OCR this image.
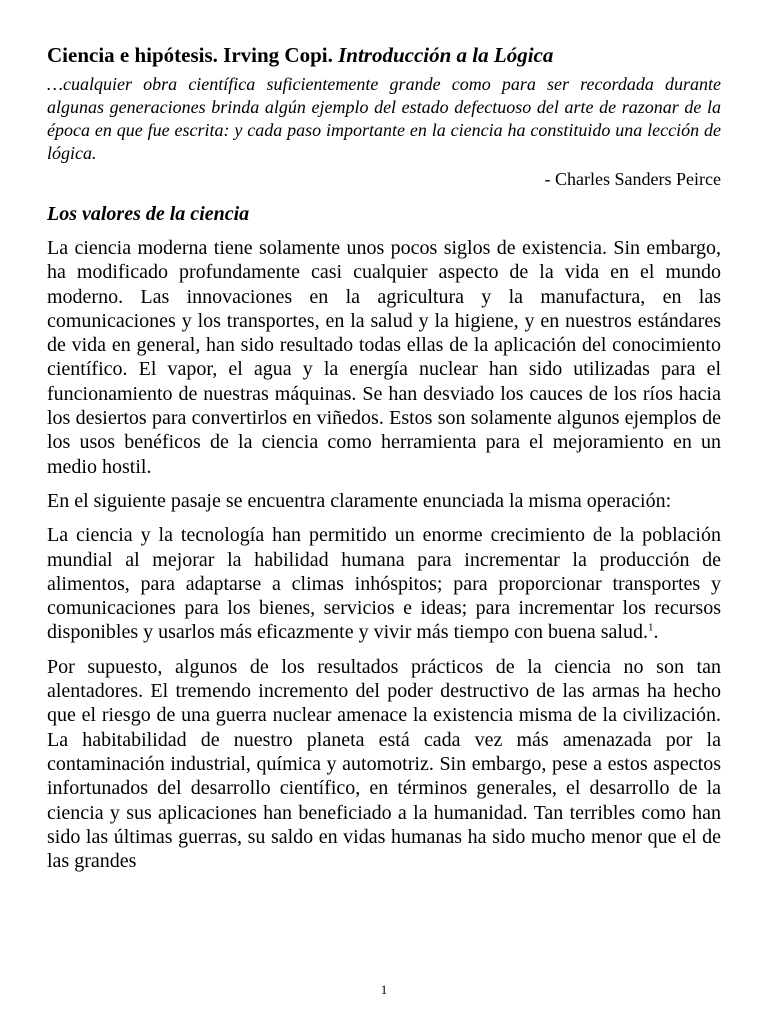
Ciencia e hipótesis. Irving Copi. Introducción a la Lógica

…cualquier obra científica suficientemente grande como para ser recordada durante algunas generaciones brinda algún ejemplo del estado defectuoso del arte de razonar de la época en que fue escrita: y cada paso importante en la ciencia ha constituido una lección de lógica.

- Charles Sanders Peirce

Los valores de la ciencia

La ciencia moderna tiene solamente unos pocos siglos de existencia. Sin embargo, ha modificado profundamente casi cualquier aspecto de la vida en el mundo moderno. Las innovaciones en la agricultura y la manufactura, en las comunicaciones y los transportes, en la salud y la higiene, y en nuestros estándares de vida en general, han sido resultado todas ellas de la aplicación del conocimiento científico. El vapor, el agua y la energía nuclear han sido utilizadas para el funcionamiento de nuestras máquinas. Se han desviado los cauces de los ríos hacia los desiertos para convertirlos en viñedos. Estos son solamente algunos ejemplos de los usos benéficos de la ciencia como herramienta para el mejoramiento en un medio hostil.

En el siguiente pasaje se encuentra claramente enunciada la misma operación:

La ciencia y la tecnología han permitido un enorme crecimiento de la población mundial al mejorar la habilidad humana para incrementar la producción de alimentos, para adaptarse a climas inhóspitos; para proporcionar transportes y comunicaciones para los bienes, servicios e ideas; para incrementar los recursos disponibles y usarlos más eficazmente y vivir más tiempo con buena salud.$^1$.

Por supuesto, algunos de los resultados prácticos de la ciencia no son tan alentadores. El tremendo incremento del poder destructivo de las armas ha hecho que el riesgo de una guerra nuclear amenace la existencia misma de la civilización. La habitabilidad de nuestro planeta está cada vez más amenazada por la contaminación industrial, química y automotriz. Sin embargo, pese a estos aspectos infortunados del desarrollo científico, en términos generales, el desarrollo de la ciencia y sus aplicaciones han beneficiado a la humanidad. Tan terribles como han sido las últimas guerras, su saldo en vidas humanas ha sido mucho menor que el de las grandes

1
